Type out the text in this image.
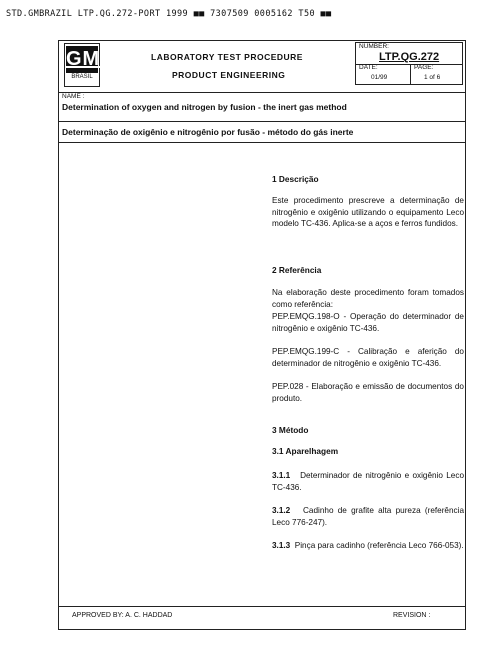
STD.GMBRAZIL LTP.QG.272-PORT 1999 ■■ 7307509 0005162 T50 ■■
GM
BRASIL
LABORATORY TEST PROCEDURE
PRODUCT ENGINEERING
NUMBER:
LTP.QG.272
DATE:
01/99
PAGE:
1 of 6
NAME :
Determination of oxygen and nitrogen by fusion - the inert gas method
Determinação de oxigênio e nitrogênio por fusão - método do gás inerte
1 Descrição
Este procedimento prescreve a determinação de nitrogênio e oxigênio utilizando o equipamento Leco modelo TC-436. Aplica-se a aços e ferros fundidos.
2 Referência
Na elaboração deste procedimento foram tomados como referência:
PEP.EMQG.198-O - Operação do determinador de nitrogênio e oxigênio TC-436.
PEP.EMQG.199-C - Calibração e aferição do determinador de nitrogênio e oxigênio TC-436.
PEP.028 - Elaboração e emissão de documentos do produto.
3 Método
3.1 Aparelhagem
3.1.1 Determinador de nitrogênio e oxigênio Leco TC-436.
3.1.2 Cadinho de grafite alta pureza (referência Leco 776-247).
3.1.3 Pinça para cadinho (referência Leco 766-053).
APPROVED BY: A. C. HADDAD	REVISION :
